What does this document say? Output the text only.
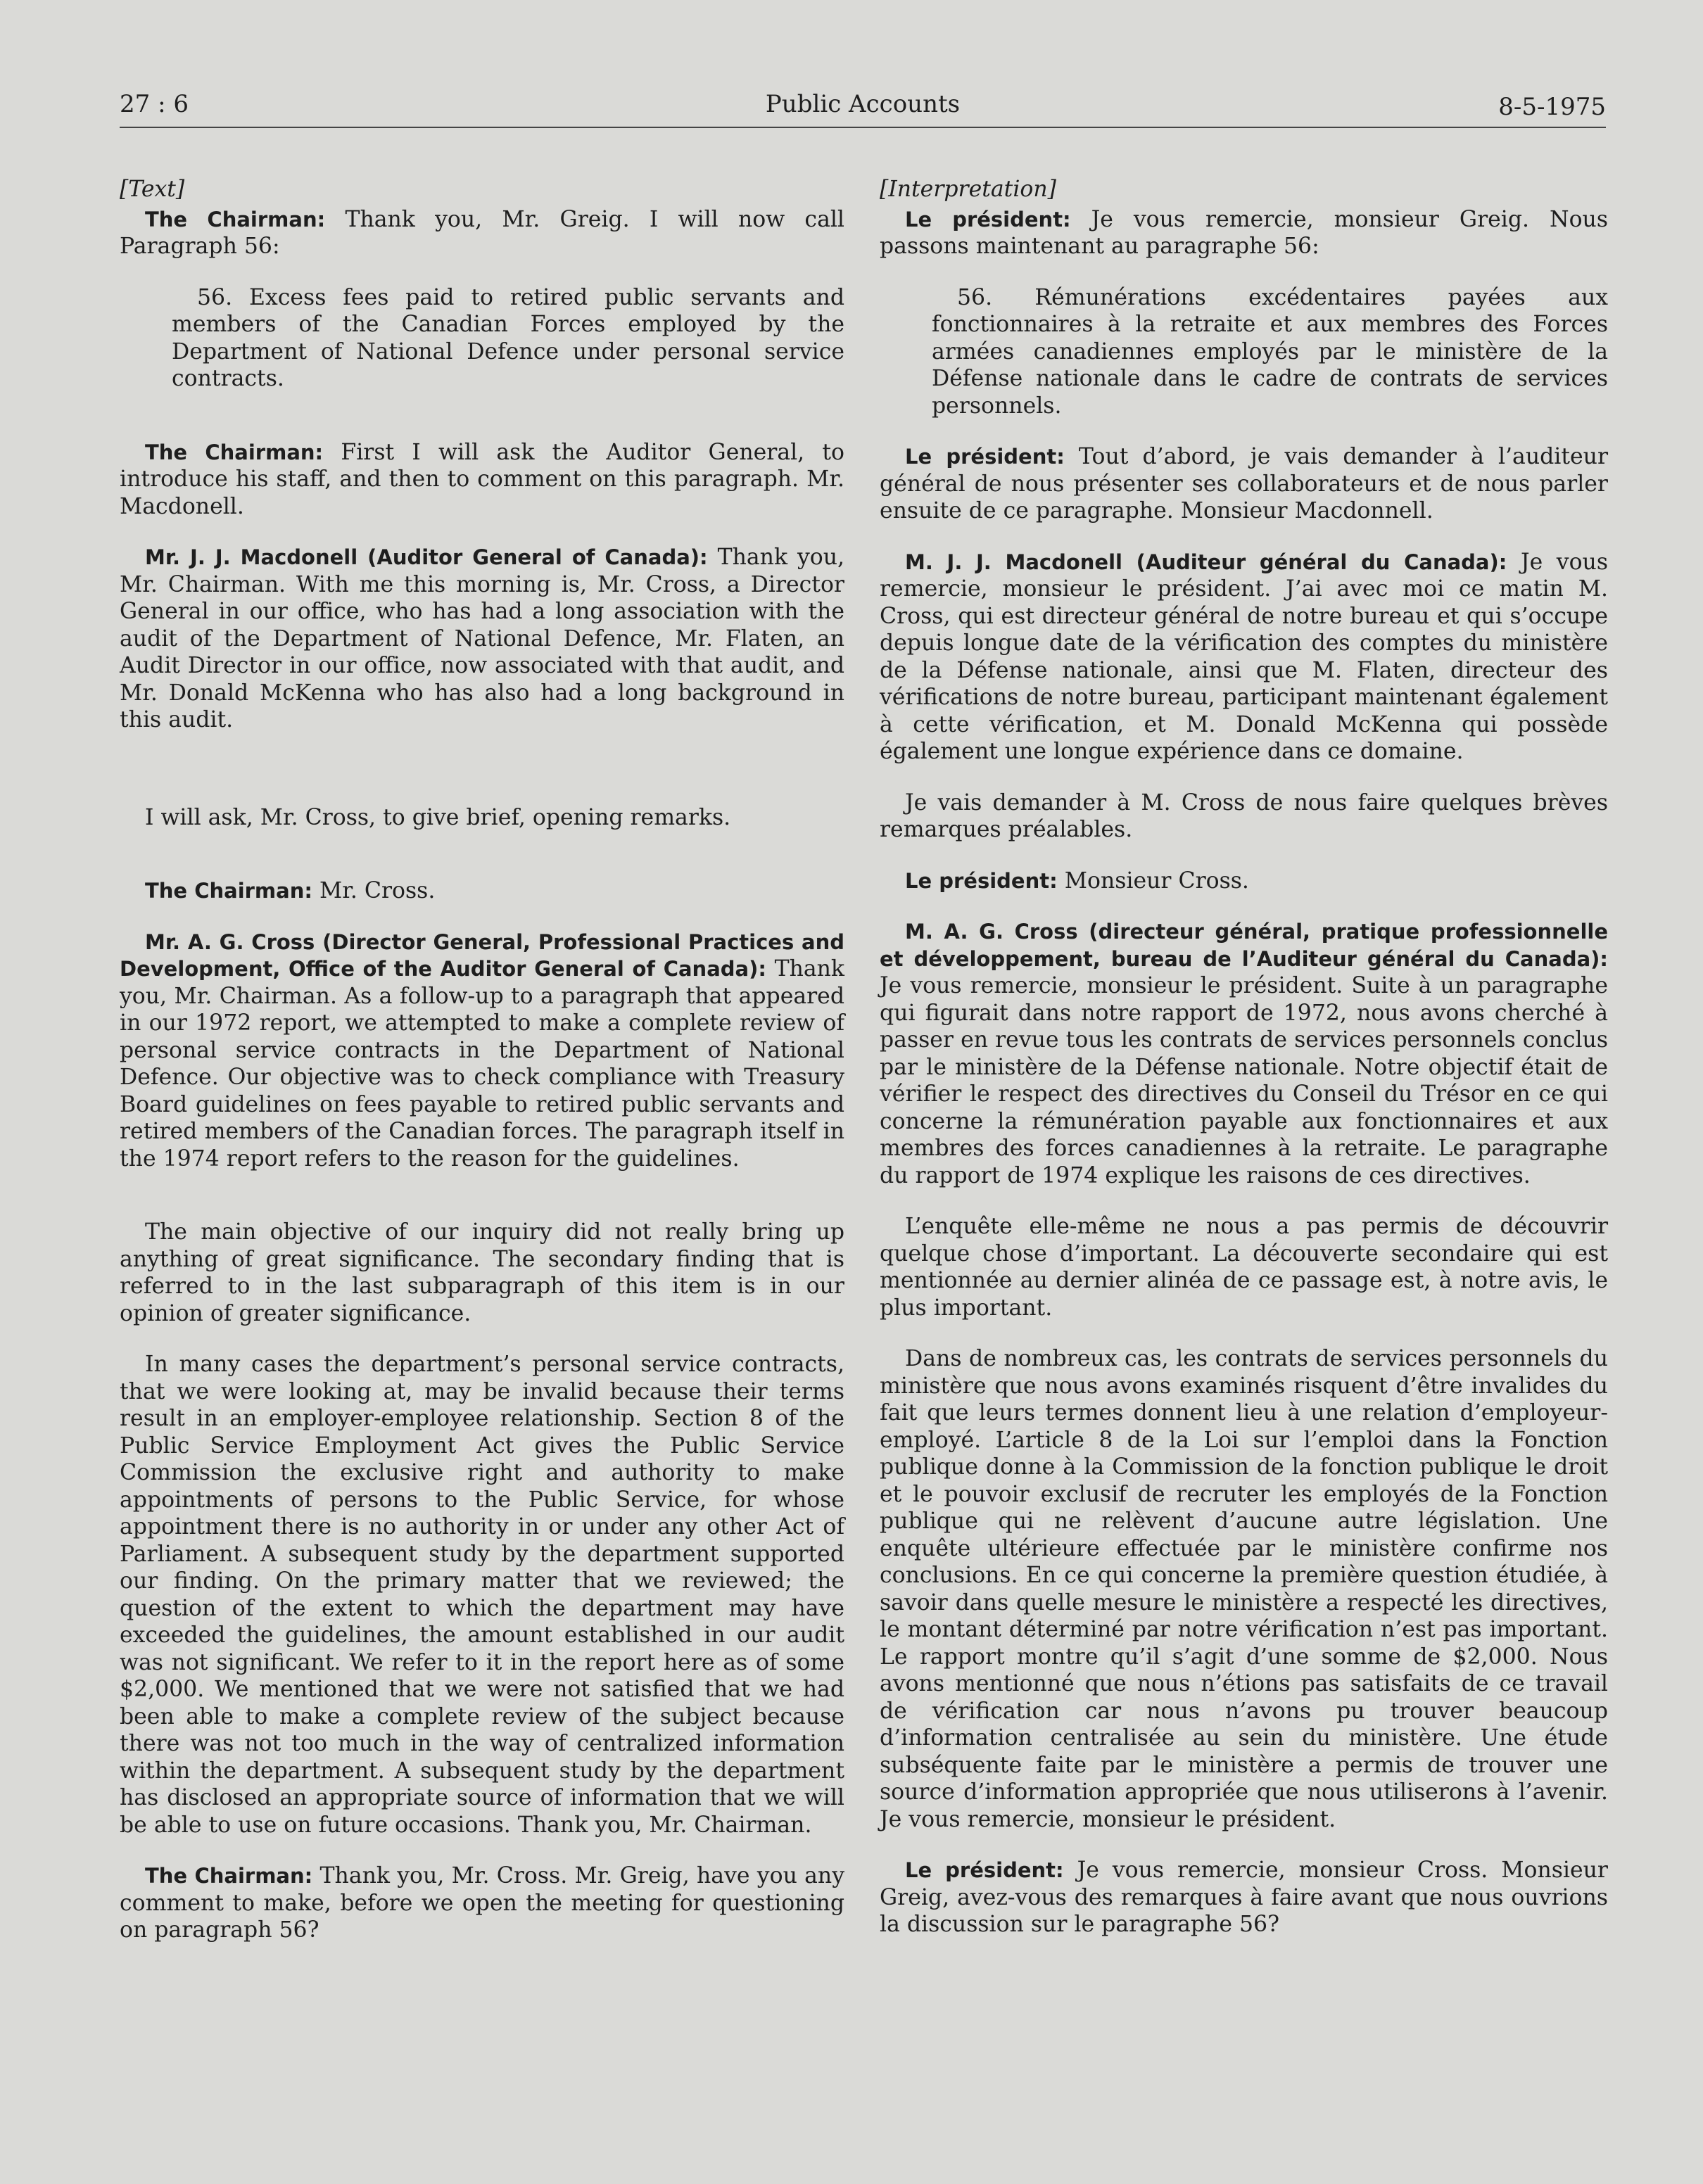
27 : 6	Public Accounts	8-5-1975

[Text]

The Chairman: Thank you, Mr. Greig. I will now call Paragraph 56:

56. Excess fees paid to retired public servants and members of the Canadian Forces employed by the Department of National Defence under personal service contracts.

The Chairman: First I will ask the Auditor General, to introduce his staff, and then to comment on this paragraph. Mr. Macdonell.

Mr. J. J. Macdonell (Auditor General of Canada): Thank you, Mr. Chairman. With me this morning is, Mr. Cross, a Director General in our office, who has had a long association with the audit of the Department of National Defence, Mr. Flaten, an Audit Director in our office, now associated with that audit, and Mr. Donald McKenna who has also had a long background in this audit.

I will ask, Mr. Cross, to give brief, opening remarks.

The Chairman: Mr. Cross.

Mr. A. G. Cross (Director General, Professional Practices and Development, Office of the Auditor General of Canada): Thank you, Mr. Chairman. As a follow-up to a paragraph that appeared in our 1972 report, we attempted to make a complete review of personal service contracts in the Department of National Defence. Our objective was to check compliance with Treasury Board guidelines on fees payable to retired public servants and retired members of the Canadian forces. The paragraph itself in the 1974 report refers to the reason for the guidelines.

The main objective of our inquiry did not really bring up anything of great significance. The secondary finding that is referred to in the last subparagraph of this item is in our opinion of greater significance.

In many cases the department’s personal service contracts, that we were looking at, may be invalid because their terms result in an employer-employee relationship. Section 8 of the Public Service Employment Act gives the Public Service Commission the exclusive right and authority to make appointments of persons to the Public Service, for whose appointment there is no authority in or under any other Act of Parliament. A subsequent study by the department supported our finding. On the primary matter that we reviewed; the question of the extent to which the department may have exceeded the guidelines, the amount established in our audit was not significant. We refer to it in the report here as of some $2,000. We mentioned that we were not satisfied that we had been able to make a complete review of the subject because there was not too much in the way of centralized information within the department. A subsequent study by the department has disclosed an appropriate source of information that we will be able to use on future occasions. Thank you, Mr. Chairman.

The Chairman: Thank you, Mr. Cross. Mr. Greig, have you any comment to make, before we open the meeting for questioning on paragraph 56?

[Interpretation]

Le président: Je vous remercie, monsieur Greig. Nous passons maintenant au paragraphe 56:

56. Rémunérations excédentaires payées aux fonctionnaires à la retraite et aux membres des Forces armées canadiennes employés par le ministère de la Défense nationale dans le cadre de contrats de services personnels.

Le président: Tout d’abord, je vais demander à l’auditeur général de nous présenter ses collaborateurs et de nous parler ensuite de ce paragraphe. Monsieur Macdonnell.

M. J. J. Macdonell (Auditeur général du Canada): Je vous remercie, monsieur le président. J’ai avec moi ce matin M. Cross, qui est directeur général de notre bureau et qui s’occupe depuis longue date de la vérification des comptes du ministère de la Défense nationale, ainsi que M. Flaten, directeur des vérifications de notre bureau, participant maintenant également à cette vérification, et M. Donald McKenna qui possède également une longue expérience dans ce domaine.

Je vais demander à M. Cross de nous faire quelques brèves remarques préalables.

Le président: Monsieur Cross.

M. A. G. Cross (directeur général, pratique professionnelle et développement, bureau de l’Auditeur général du Canada): Je vous remercie, monsieur le président. Suite à un paragraphe qui figurait dans notre rapport de 1972, nous avons cherché à passer en revue tous les contrats de services personnels conclus par le ministère de la Défense nationale. Notre objectif était de vérifier le respect des directives du Conseil du Trésor en ce qui concerne la rémunération payable aux fonctionnaires et aux membres des forces canadiennes à la retraite. Le paragraphe du rapport de 1974 explique les raisons de ces directives.

L’enquête elle-même ne nous a pas permis de découvrir quelque chose d’important. La découverte secondaire qui est mentionnée au dernier alinéa de ce passage est, à notre avis, le plus important.

Dans de nombreux cas, les contrats de services personnels du ministère que nous avons examinés risquent d’être invalides du fait que leurs termes donnent lieu à une relation d’employeur-employé. L’article 8 de la Loi sur l’emploi dans la Fonction publique donne à la Commission de la fonction publique le droit et le pouvoir exclusif de recruter les employés de la Fonction publique qui ne relèvent d’aucune autre législation. Une enquête ultérieure effectuée par le ministère confirme nos conclusions. En ce qui concerne la première question étudiée, à savoir dans quelle mesure le ministère a respecté les directives, le montant déterminé par notre vérification n’est pas important. Le rapport montre qu’il s’agit d’une somme de $2,000. Nous avons mentionné que nous n’étions pas satisfaits de ce travail de vérification car nous n’avons pu trouver beaucoup d’information centralisée au sein du ministère. Une étude subséquente faite par le ministère a permis de trouver une source d’information appropriée que nous utiliserons à l’avenir. Je vous remercie, monsieur le président.

Le président: Je vous remercie, monsieur Cross. Monsieur Greig, avez-vous des remarques à faire avant que nous ouvrions la discussion sur le paragraphe 56?
